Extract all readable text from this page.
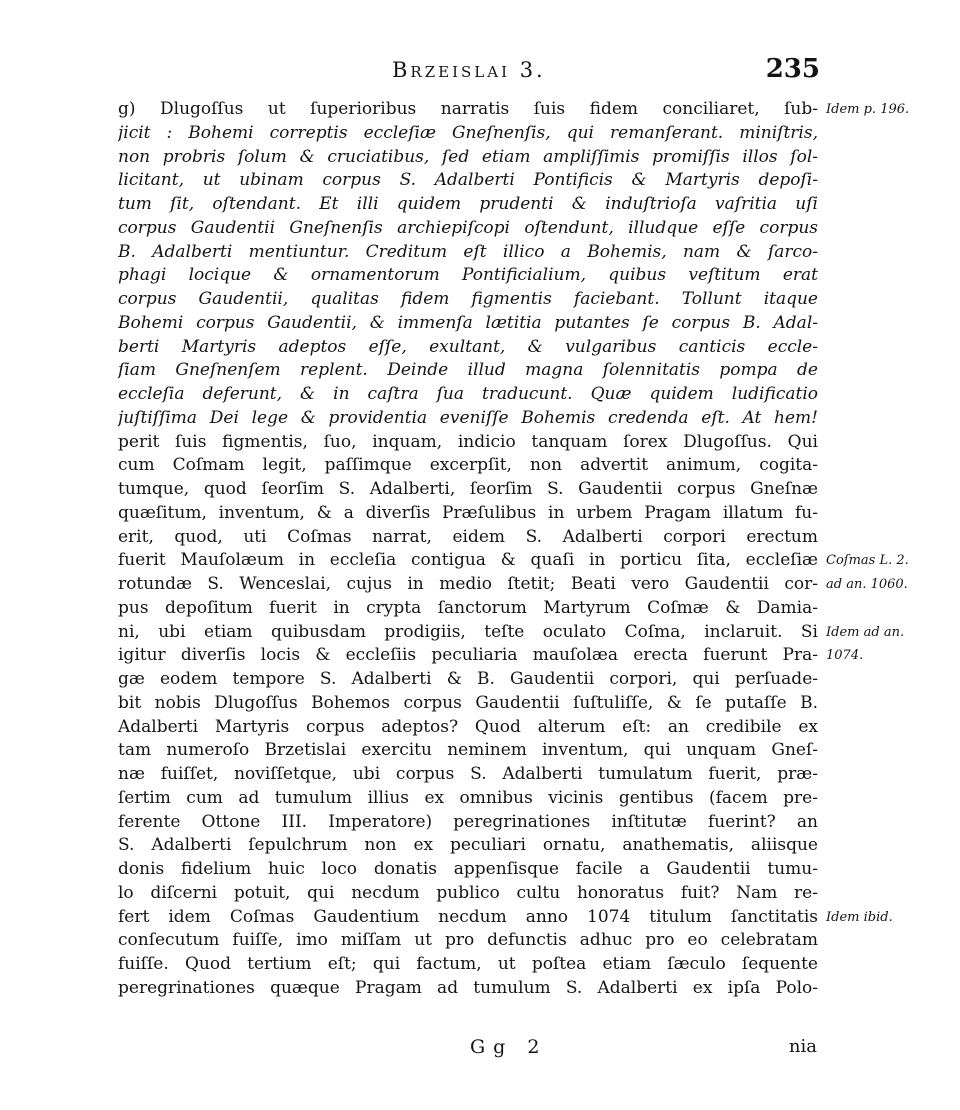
Brzeislai 3.	235
g) Dlugoſſus ut ſuperioribus narratis ſuis fidem conciliaret, ſub-
jicit : Bohemi correptis eccleſiæ Gneſnenſis, qui remanſerant. miniſtris,
non probris ſolum & cruciatibus, ſed etiam ampliſſimis promiſſis illos ſol-
licitant, ut ubinam corpus S. Adalberti Pontificis & Martyris depoſi-
tum ſit, oſtendant. Et illi quidem prudenti & induſtrioſa vaſritia uſi
corpus Gaudentii Gneſnenſis archiepiſcopi oſtendunt, illudque eſſe corpus
B. Adalberti mentiuntur. Creditum eſt illico a Bohemis, nam & ſarco-
phagi locique & ornamentorum Pontificialium, quibus veſtitum erat
corpus Gaudentii, qualitas fidem figmentis faciebant. Tollunt itaque
Bohemi corpus Gaudentii, & immenſa lætitia putantes ſe corpus B. Adal-
berti Martyris adeptos eſſe, exultant, & vulgaribus canticis eccle-
ſiam Gneſnenſem replent. Deinde illud magna ſolennitatis pompa de
eccleſia deferunt, & in caſtra ſua traducunt. Quæ quidem ludificatio
juſtiſſima Dei lege & providentia eveniſſe Bohemis credenda eſt. At hem!
perit ſuis figmentis, ſuo, inquam, indicio tanquam ſorex Dlugoſſus. Qui
cum Coſmam legit, paſſimque excerpſit, non advertit animum, cogita-
tumque, quod ſeorſim S. Adalberti, ſeorſim S. Gaudentii corpus Gneſnæ
quæſitum, inventum, & a diverſis Præſulibus in urbem Pragam illatum fu-
erit, quod, uti Coſmas narrat, eidem S. Adalberti corpori erectum
fuerit Mauſolæum in eccleſia contigua & quaſi in porticu ſita, eccleſiæ
rotundæ S. Wenceslai, cujus in medio ſtetit; Beati vero Gaudentii cor-
pus depoſitum fuerit in crypta ſanctorum Martyrum Coſmæ & Damia-
ni, ubi etiam quibusdam prodigiis, teſte oculato Coſma, inclaruit. Si
igitur diverſis locis & eccleſiis peculiaria mauſolæa erecta fuerunt Pra-
gæ eodem tempore S. Adalberti & B. Gaudentii corpori, qui perſuade-
bit nobis Dlugoſſus Bohemos corpus Gaudentii ſuſtuliſſe, & ſe putaſſe B.
Adalberti Martyris corpus adeptos? Quod alterum eſt: an credibile ex
tam numeroſo Brzetislai exercitu neminem inventum, qui unquam Gneſ-
næ fuiſſet, noviſſetque, ubi corpus S. Adalberti tumulatum fuerit, præ-
ſertim cum ad tumulum illius ex omnibus vicinis gentibus (facem pre-
ferente Ottone III. Imperatore) peregrinationes inſtitutæ fuerint? an
S. Adalberti ſepulchrum non ex peculiari ornatu, anathematis, aliisque
donis fidelium huic loco donatis appenſisque facile a Gaudentii tumu-
lo diſcerni potuit, qui necdum publico cultu honoratus fuit? Nam re-
fert idem Coſmas Gaudentium necdum anno 1074 titulum ſanctitatis
conſecutum fuiſſe, imo miſſam ut pro defunctis adhuc pro eo celebratam
fuiſſe. Quod tertium eſt; qui factum, ut poſtea etiam ſæculo ſequente
peregrinationes quæque Pragam ad tumulum S. Adalberti ex ipſa Polo-
Idem p. 196.
Coſmas L. 2.
ad an. 1060.
Idem ad an.
1074.
Idem ibid.
Gg 2	nia
